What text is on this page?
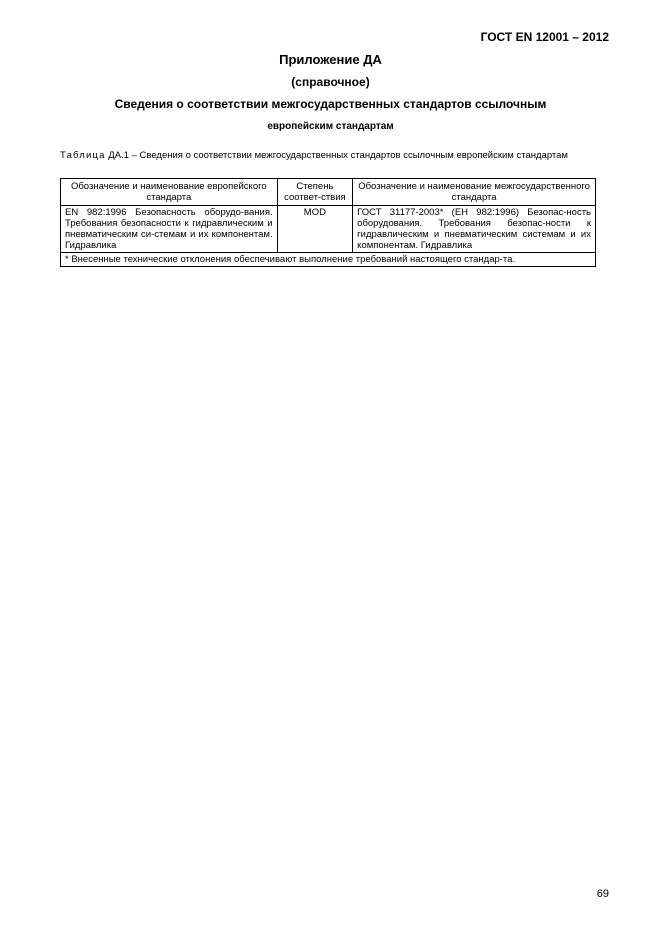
ГОСТ EN 12001 – 2012
Приложение ДА
(справочное)
Сведения о соответствии межгосударственных стандартов ссылочным
европейским стандартам
Таблица ДА.1 – Сведения о соответствии межгосударственных стандартов ссылочным европейским стандартам
Обозначение и наименование европейского стандарта	Степень соответ-ствия	Обозначение и наименование межгосударственного стандарта
EN 982:1996 Безопасность оборудо-вания. Требования безопасности к гидравлическим и пневматическим си-стемам и их компонентам. Гидравлика	MOD	ГОСТ 31177-2003* (ЕН 982:1996) Безопас-ность оборудования. Требования безопас-ности к гидравлическим и пневматическим системам и их компонентам. Гидравлика
* Внесенные технические отклонения обеспечивают выполнение требований настоящего стандар-та.		
69
